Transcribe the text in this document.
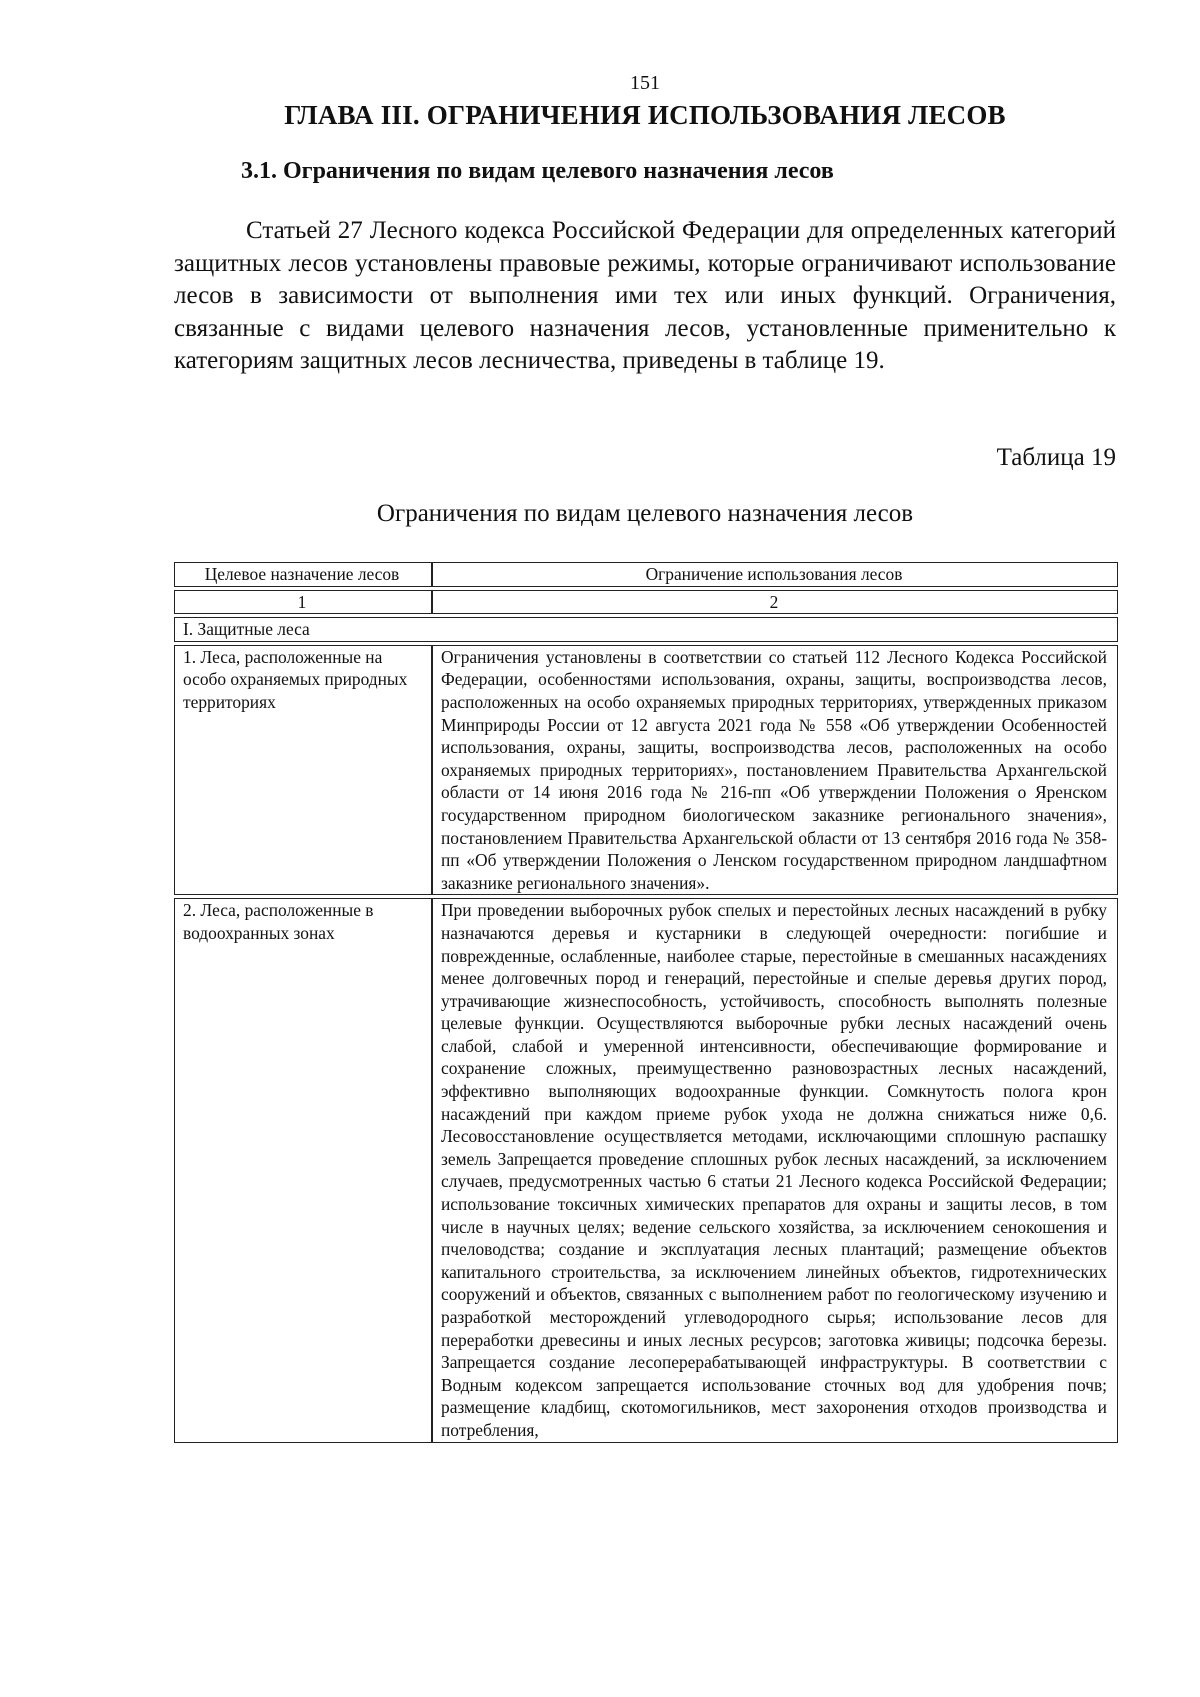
151
ГЛАВА III. ОГРАНИЧЕНИЯ ИСПОЛЬЗОВАНИЯ ЛЕСОВ
3.1. Ограничения по видам целевого назначения лесов

Статьей 27 Лесного кодекса Российской Федерации для определенных категорий защитных лесов установлены правовые режимы, которые ограничивают использование лесов в зависимости от выполнения ими тех или иных функций. Ограничения, связанные с видами целевого назначения лесов, установленные применительно к категориям защитных лесов лесничества, приведены в таблице 19.

Таблица 19
Ограничения по видам целевого назначения лесов
Целевое назначение лесов	Ограничение использования лесов
1	2
I. Защитные леса	
1. Леса, расположенные на особо охраняемых природных территориях	Ограничения установлены в соответствии со статьей 112 Лесного Кодекса Российской Федерации, особенностями использования, охраны, защиты, воспроизводства лесов, расположенных на особо охраняемых природных территориях, утвержденных приказом Минприроды России от 12 августа 2021 года № 558 «Об утверждении Особенностей использования, охраны, защиты, воспроизводства лесов, расположенных на особо охраняемых природных территориях», постановлением Правительства Архангельской области от 14 июня 2016 года № 216-пп «Об утверждении Положения о Яренском государственном природном биологическом заказнике регионального значения», постановлением Правительства Архангельской области от 13 сентября 2016 года № 358-пп «Об утверждении Положения о Ленском государственном природном ландшафтном заказнике регионального значения».
2. Леса, расположенные в водоохранных зонах	При проведении выборочных рубок спелых и перестойных лесных насаждений в рубку назначаются деревья и кустарники в следующей очередности: погибшие и поврежденные, ослабленные, наиболее старые, перестойные в смешанных насаждениях менее долговечных пород и генераций, перестойные и спелые деревья других пород, утрачивающие жизнеспособность, устойчивость, способность выполнять полезные целевые функции. Осуществляются выборочные рубки лесных насаждений очень слабой, слабой и умеренной интенсивности, обеспечивающие формирование и сохранение сложных, преимущественно разновозрастных лесных насаждений, эффективно выполняющих водоохранные функции. Сомкнутость полога крон насаждений при каждом приеме рубок ухода не должна снижаться ниже 0,6. Лесовосстановление осуществляется методами, исключающими сплошную распашку земель Запрещается проведение сплошных рубок лесных насаждений, за исключением случаев, предусмотренных частью 6 статьи 21 Лесного кодекса Российской Федерации; использование токсичных химических препаратов для охраны и защиты лесов, в том числе в научных целях; ведение сельского хозяйства, за исключением сенокошения и пчеловодства; создание и эксплуатация лесных плантаций; размещение объектов капитального строительства, за исключением линейных объектов, гидротехнических сооружений и объектов, связанных с выполнением работ по геологическому изучению и разработкой месторождений углеводородного сырья; использование лесов для переработки древесины и иных лесных ресурсов; заготовка живицы; подсочка березы. Запрещается создание лесоперерабатывающей инфраструктуры. В соответствии с Водным кодексом запрещается использование сточных вод для удобрения почв; размещение кладбищ, скотомогильников, мест захоронения отходов производства и потребления,
